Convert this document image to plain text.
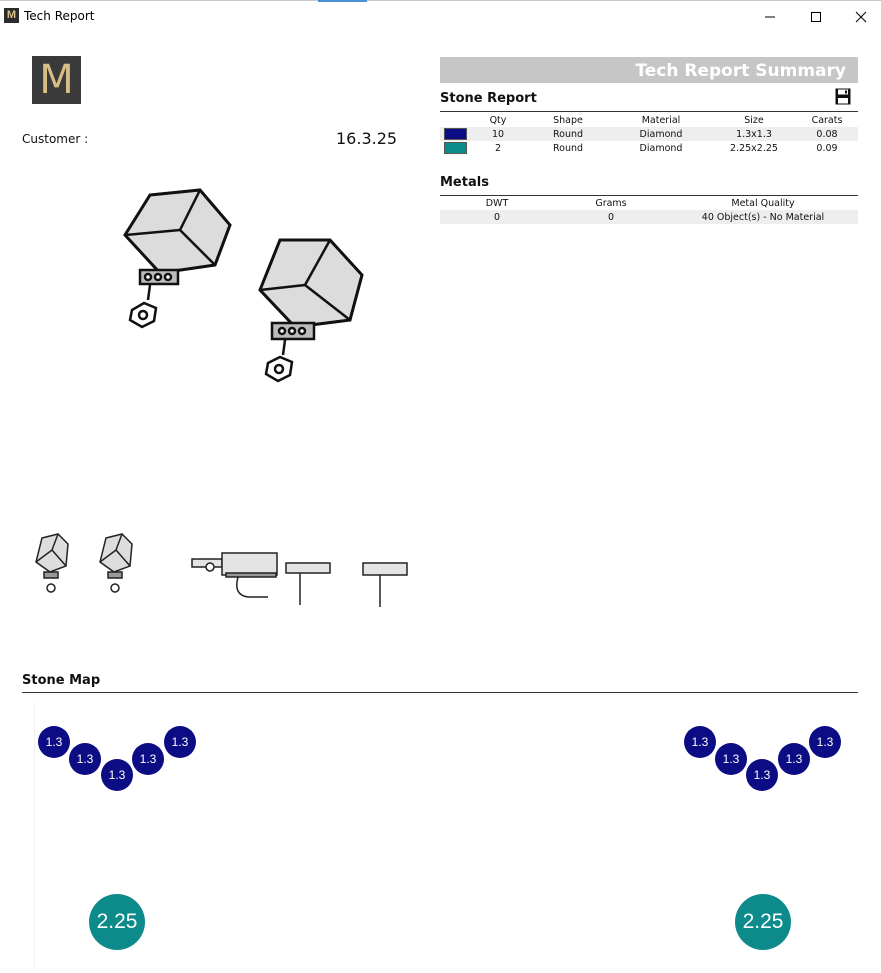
M Tech Report
M
Customer :	16.3.25
Tech Report Summary
Stone Report
	Qty	Shape	Material	Size	Carats
	10	Round	Diamond	1.3x1.3	0.08
	2	Round	Diamond	2.25x2.25	0.09
Metals
DWT	Grams	Metal Quality
0	0	40 Object(s) - No Material
Stone Map
1.3
1.3
1.3
1.3
1.3	1.3
1.3
1.3
1.3
1.3
2.25	2.25
